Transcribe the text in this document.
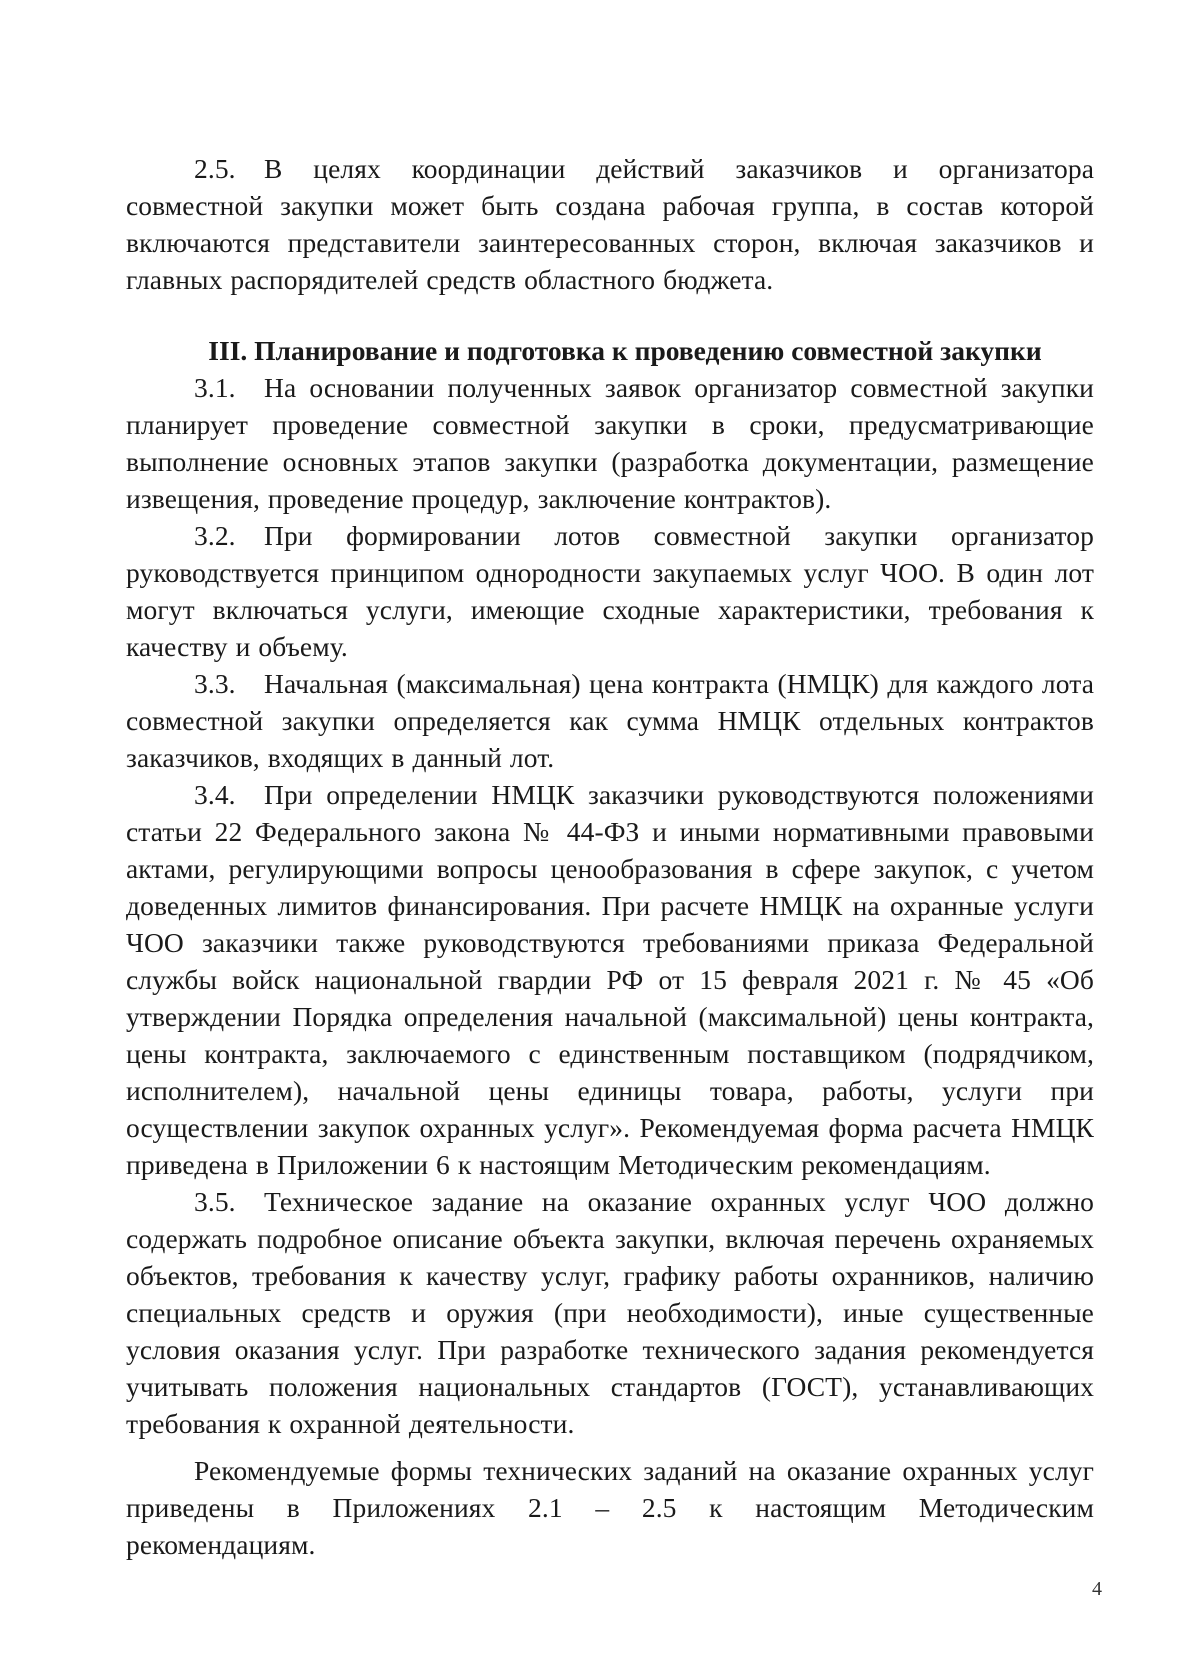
2.5. В целях координации действий заказчиков и организатора совместной закупки может быть создана рабочая группа, в состав которой включаются представители заинтересованных сторон, включая заказчиков и главных распорядителей средств областного бюджета.

III. Планирование и подготовка к проведению совместной закупки

3.1. На основании полученных заявок организатор совместной закупки планирует проведение совместной закупки в сроки, предусматривающие выполнение основных этапов закупки (разработка документации, размещение извещения, проведение процедур, заключение контрактов).

3.2. При формировании лотов совместной закупки организатор руководствуется принципом однородности закупаемых услуг ЧОО. В один лот могут включаться услуги, имеющие сходные характеристики, требования к качеству и объему.

3.3. Начальная (максимальная) цена контракта (НМЦК) для каждого лота совместной закупки определяется как сумма НМЦК отдельных контрактов заказчиков, входящих в данный лот.

3.4. При определении НМЦК заказчики руководствуются положениями статьи 22 Федерального закона № 44-ФЗ и иными нормативными правовыми актами, регулирующими вопросы ценообразования в сфере закупок, с учетом доведенных лимитов финансирования. При расчете НМЦК на охранные услуги ЧОО заказчики также руководствуются требованиями приказа Федеральной службы войск национальной гвардии РФ от 15 февраля 2021 г. № 45 «Об утверждении Порядка определения начальной (максимальной) цены контракта, цены контракта, заключаемого с единственным поставщиком (подрядчиком, исполнителем), начальной цены единицы товара, работы, услуги при осуществлении закупок охранных услуг». Рекомендуемая форма расчета НМЦК приведена в Приложении 6 к настоящим Методическим рекомендациям.

3.5. Техническое задание на оказание охранных услуг ЧОО должно содержать подробное описание объекта закупки, включая перечень охраняемых объектов, требования к качеству услуг, графику работы охранников, наличию специальных средств и оружия (при необходимости), иные существенные условия оказания услуг. При разработке технического задания рекомендуется учитывать положения национальных стандартов (ГОСТ), устанавливающих требования к охранной деятельности.

Рекомендуемые формы технических заданий на оказание охранных услуг приведены в Приложениях 2.1 – 2.5 к настоящим Методическим рекомендациям.

4
